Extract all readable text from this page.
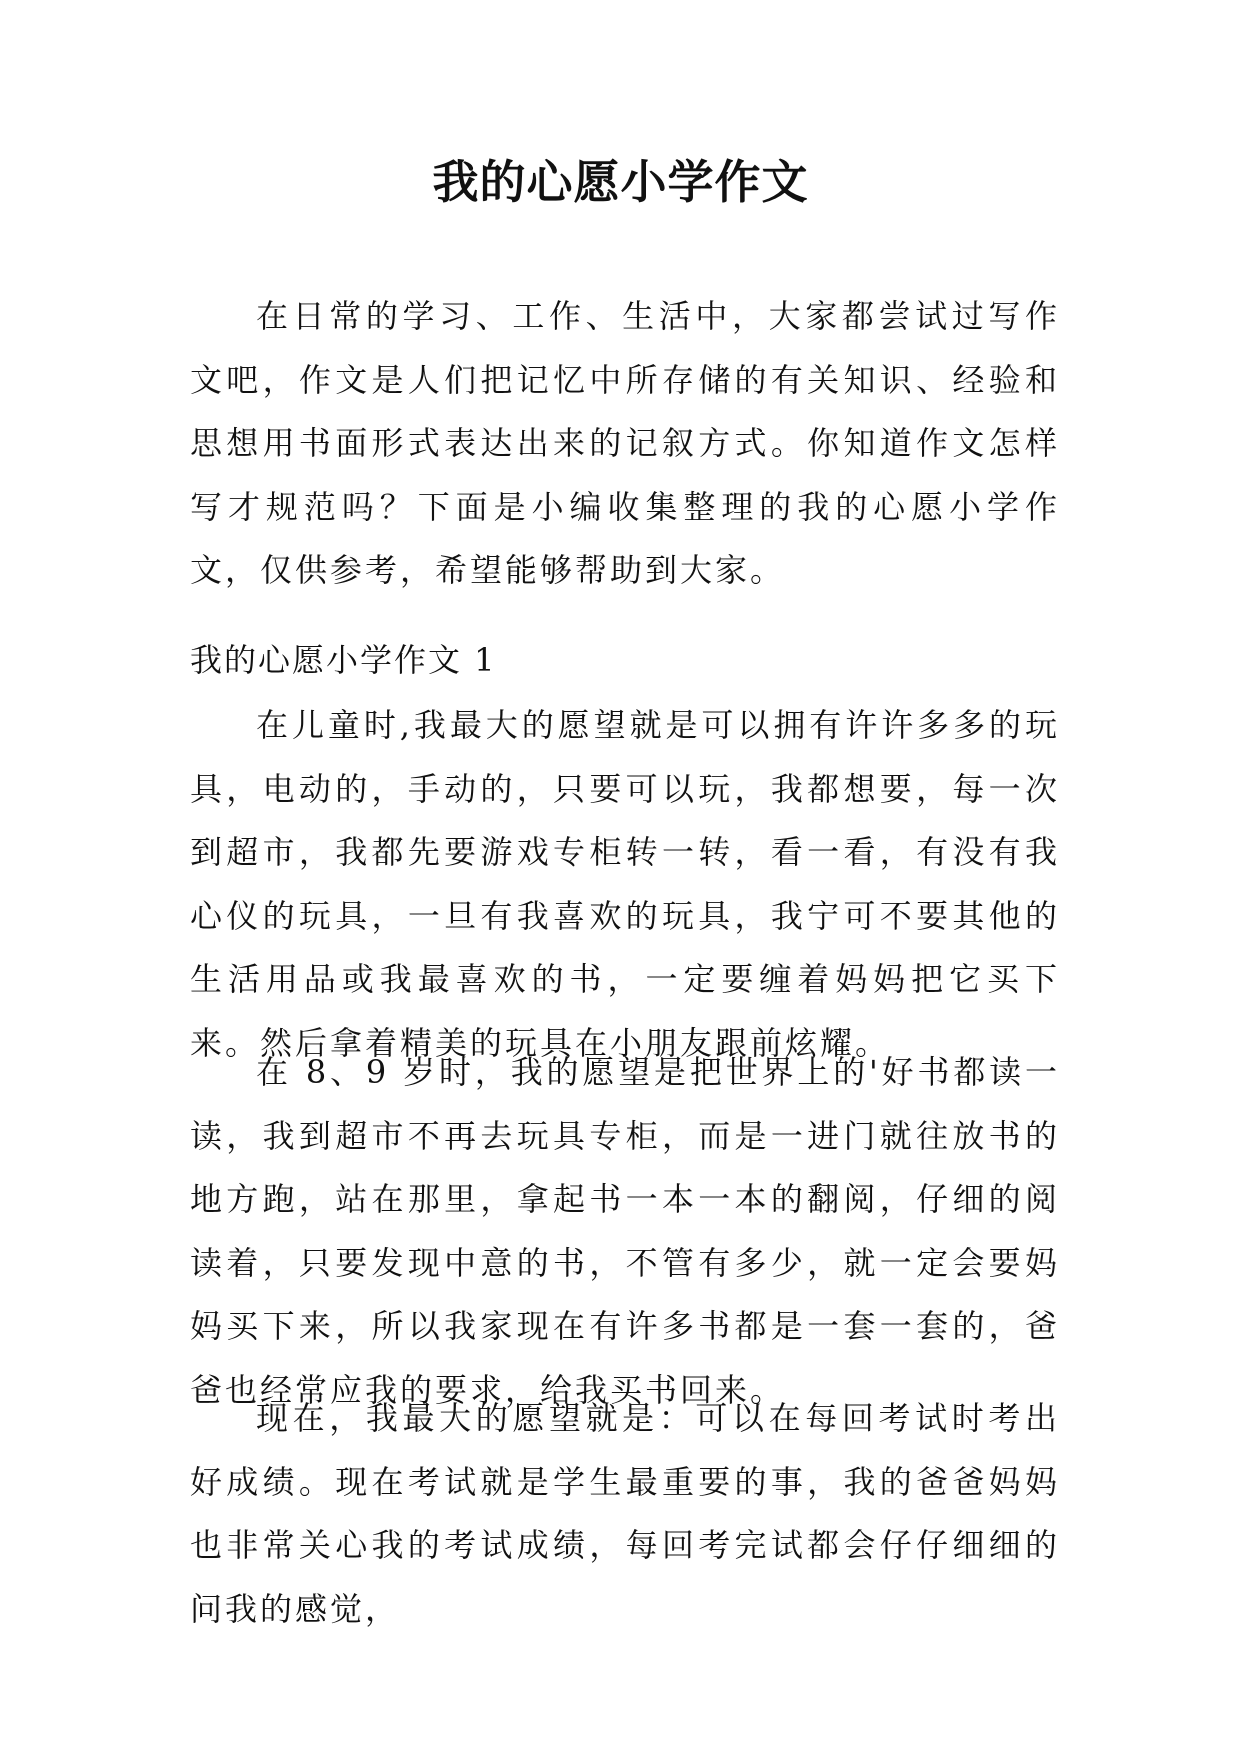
我的心愿小学作文

在日常的学习、工作、生活中，大家都尝试过写作文吧，作文是人们把记忆中所存储的有关知识、经验和思想用书面形式表达出来的记叙方式。你知道作文怎样写才规范吗？下面是小编收集整理的我的心愿小学作文，仅供参考，希望能够帮助到大家。

我的心愿小学作文 1

在儿童时,我最大的愿望就是可以拥有许许多多的玩具，电动的，手动的，只要可以玩，我都想要，每一次到超市，我都先要游戏专柜转一转，看一看，有没有我心仪的玩具，一旦有我喜欢的玩具，我宁可不要其他的生活用品或我最喜欢的书，一定要缠着妈妈把它买下来。然后拿着精美的玩具在小朋友跟前炫耀。

在 8、9 岁时，我的愿望是把世界上的'好书都读一读，我到超市不再去玩具专柜，而是一进门就往放书的地方跑，站在那里，拿起书一本一本的翻阅，仔细的阅读着，只要发现中意的书，不管有多少，就一定会要妈妈买下来，所以我家现在有许多书都是一套一套的，爸爸也经常应我的要求，给我买书回来。

现在，我最大的愿望就是：可以在每回考试时考出好成绩。现在考试就是学生最重要的事，我的爸爸妈妈也非常关心我的考试成绩，每回考完试都会仔仔细细的问我的感觉，
